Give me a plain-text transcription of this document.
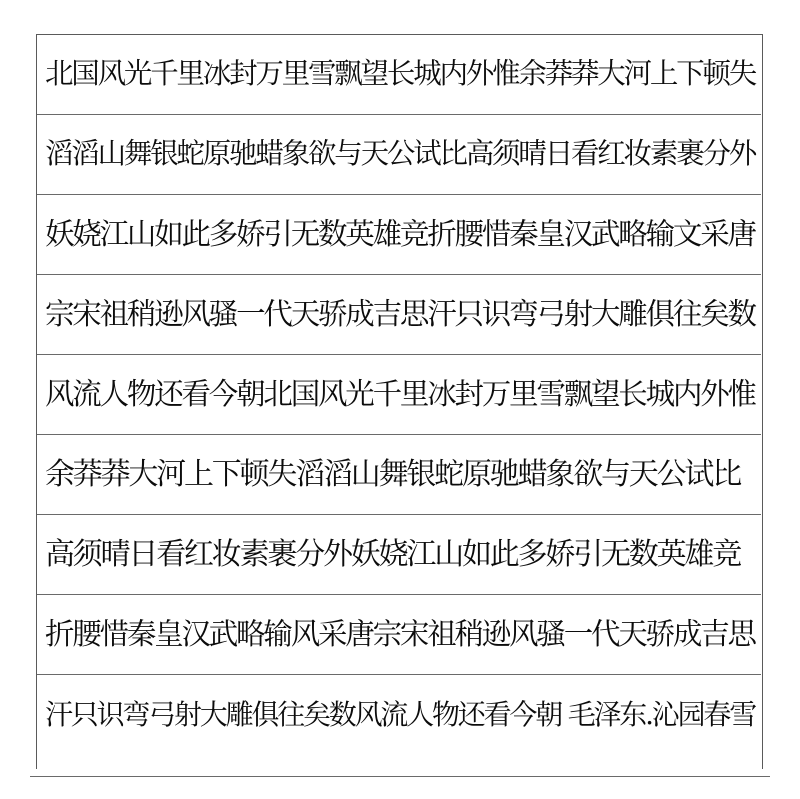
北国风光千里冰封万里雪飘望长城内外惟余莽莽大河上下顿失
滔滔山舞银蛇原驰蜡象欲与天公试比高须晴日看红妆素裹分外
妖娆江山如此多娇引无数英雄竞折腰惜秦皇汉武略输文采唐
宗宋祖稍逊风骚一代天骄成吉思汗只识弯弓射大雕俱往矣数
风流人物还看今朝北国风光千里冰封万里雪飘望长城内外惟
余莽莽大河上下顿失滔滔山舞银蛇原驰蜡象欲与天公试比
高须晴日看红妆素裹分外妖娆江山如此多娇引无数英雄竞
折腰惜秦皇汉武略输风采唐宗宋祖稍逊风骚一代天骄成吉思
汗只识弯弓射大雕俱往矣数风流人物还看今朝 毛泽东.沁园春雪
